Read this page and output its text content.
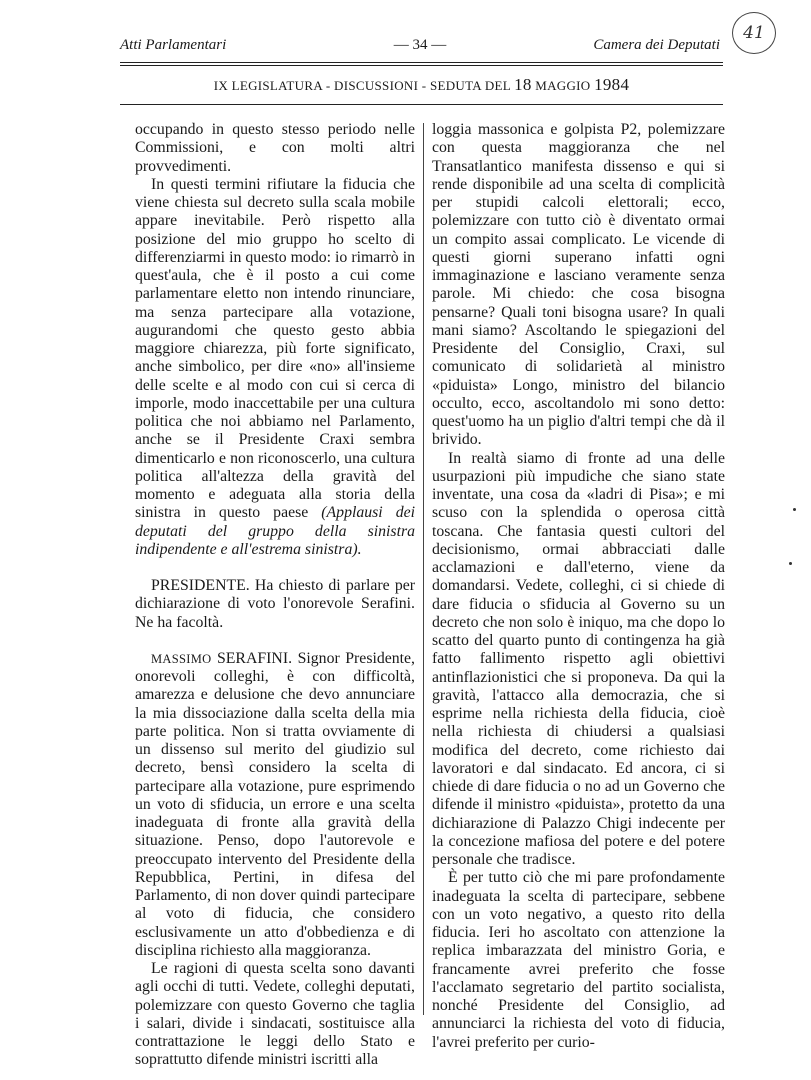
Atti Parlamentari	— 34 —	Camera dei Deputati
41
IX LEGISLATURA - DISCUSSIONI - SEDUTA DEL 18 MAGGIO 1984

occupando in questo stesso periodo nelle Commissioni, e con molti altri provvedimenti.

In questi termini rifiutare la fiducia che viene chiesta sul decreto sulla scala mobile appare inevitabile. Però rispetto alla posizione del mio gruppo ho scelto di differenziarmi in questo modo: io rimarrò in quest'aula, che è il posto a cui come parlamentare eletto non intendo rinunciare, ma senza partecipare alla votazione, augurandomi che questo gesto abbia maggiore chiarezza, più forte significato, anche simbolico, per dire «no» all'insieme delle scelte e al modo con cui si cerca di imporle, modo inaccettabile per una cultura politica che noi abbiamo nel Parlamento, anche se il Presidente Craxi sembra dimenticarlo e non riconoscerlo, una cultura politica all'altezza della gravità del momento e adeguata alla storia della sinistra in questo paese (Applausi dei deputati del gruppo della sinistra indipendente e all'estrema sinistra).

PRESIDENTE. Ha chiesto di parlare per dichiarazione di voto l'onorevole Serafini. Ne ha facoltà.

MASSIMO SERAFINI. Signor Presidente, onorevoli colleghi, è con difficoltà, amarezza e delusione che devo annunciare la mia dissociazione dalla scelta della mia parte politica. Non si tratta ovviamente di un dissenso sul merito del giudizio sul decreto, bensì considero la scelta di partecipare alla votazione, pure esprimendo un voto di sfiducia, un errore e una scelta inadeguata di fronte alla gravità della situazione. Penso, dopo l'autorevole e preoccupato intervento del Presidente della Repubblica, Pertini, in difesa del Parlamento, di non dover quindi partecipare al voto di fiducia, che considero esclusivamente un atto d'obbedienza e di disciplina richiesto alla maggioranza.

Le ragioni di questa scelta sono davanti agli occhi di tutti. Vedete, colleghi deputati, polemizzare con questo Governo che taglia i salari, divide i sindacati, sostituisce alla contrattazione le leggi dello Stato e soprattutto difende ministri iscritti alla

loggia massonica e golpista P2, polemizzare con questa maggioranza che nel Transatlantico manifesta dissenso e qui si rende disponibile ad una scelta di complicità per stupidi calcoli elettorali; ecco, polemizzare con tutto ciò è diventato ormai un compito assai complicato. Le vicende di questi giorni superano infatti ogni immaginazione e lasciano veramente senza parole. Mi chiedo: che cosa bisogna pensarne? Quali toni bisogna usare? In quali mani siamo? Ascoltando le spiegazioni del Presidente del Consiglio, Craxi, sul comunicato di solidarietà al ministro «piduista» Longo, ministro del bilancio occulto, ecco, ascoltandolo mi sono detto: quest'uomo ha un piglio d'altri tempi che dà il brivido.

In realtà siamo di fronte ad una delle usurpazioni più impudiche che siano state inventate, una cosa da «ladri di Pisa»; e mi scuso con la splendida o operosa città toscana. Che fantasia questi cultori del decisionismo, ormai abbracciati dalle acclamazioni e dall'eterno, viene da domandarsi. Vedete, colleghi, ci si chiede di dare fiducia o sfiducia al Governo su un decreto che non solo è iniquo, ma che dopo lo scatto del quarto punto di contingenza ha già fatto fallimento rispetto agli obiettivi antinflazionistici che si proponeva. Da qui la gravità, l'attacco alla democrazia, che si esprime nella richiesta della fiducia, cioè nella richiesta di chiudersi a qualsiasi modifica del decreto, come richiesto dai lavoratori e dal sindacato. Ed ancora, ci si chiede di dare fiducia o no ad un Governo che difende il ministro «piduista», protetto da una dichiarazione di Palazzo Chigi indecente per la concezione mafiosa del potere e del potere personale che tradisce.

È per tutto ciò che mi pare profondamente inadeguata la scelta di partecipare, sebbene con un voto negativo, a questo rito della fiducia. Ieri ho ascoltato con attenzione la replica imbarazzata del ministro Goria, e francamente avrei preferito che fosse l'acclamato segretario del partito socialista, nonché Presidente del Consiglio, ad annunciarci la richiesta del voto di fiducia, l'avrei preferito per curio-
